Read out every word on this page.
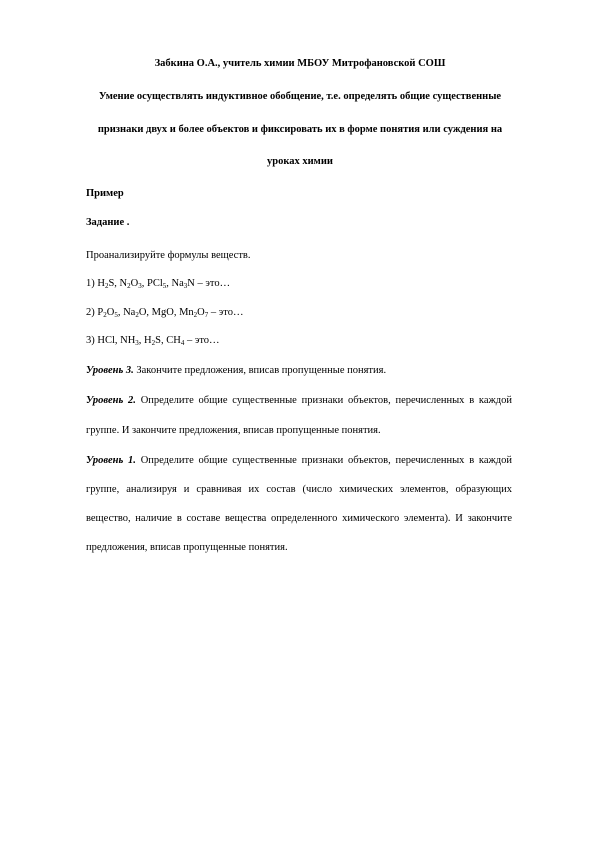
Забкина О.А., учитель химии МБОУ Митрофановской СОШ
Умение осуществлять индуктивное обобщение, т.е. определять общие существенные
признаки двух и более объектов и фиксировать их в форме понятия или суждения на
уроках химии
Пример
Задание .
Проанализируйте формулы веществ.
1) $H_2S$, $N_2O_3$, PCl$_5$, $Na_3N$ – это…
2) $P_2O_5$, $Na_2O$, MgO, $Mn_2O_7$ – это…
3) HCl, $NH_3$, $H_2S$, $CH_4$ – это…
Уровень 3. Закончите предложения, вписав пропущенные понятия.
Уровень 2. Определите общие существенные признаки объектов, перечисленных в каждой
группе. И закончите предложения, вписав пропущенные понятия.
Уровень 1. Определите общие существенные признаки объектов, перечисленных в каждой
группе, анализируя и сравнивая их состав (число химических элементов, образующих
вещество, наличие в составе вещества определенного химического элемента). И закончите
предложения, вписав пропущенные понятия.
